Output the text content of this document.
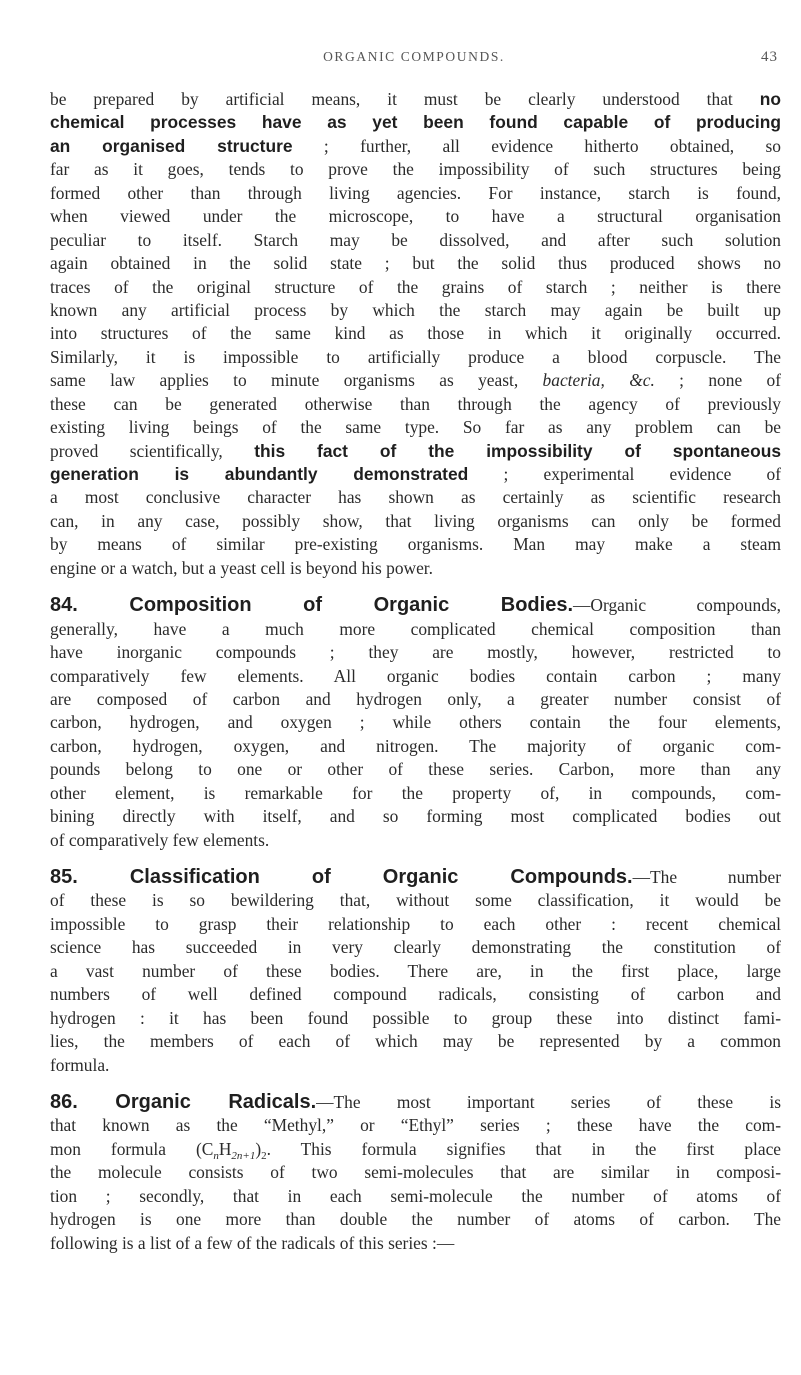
ORGANIC COMPOUNDS.	43
be prepared by artificial means, it must be clearly understood that no
chemical processes have as yet been found capable of producing
an organised structure ; further, all evidence hitherto obtained, so
far as it goes, tends to prove the impossibility of such structures being
formed other than through living agencies. For instance, starch is found,
when viewed under the microscope, to have a structural organisation
peculiar to itself. Starch may be dissolved, and after such solution
again obtained in the solid state ; but the solid thus produced shows no
traces of the original structure of the grains of starch ; neither is there
known any artificial process by which the starch may again be built up
into structures of the same kind as those in which it originally occurred.
Similarly, it is impossible to artificially produce a blood corpuscle. The
same law applies to minute organisms as yeast, bacteria, &c. ; none of
these can be generated otherwise than through the agency of previously
existing living beings of the same type. So far as any problem can be
proved scientifically, this fact of the impossibility of spontaneous
generation is abundantly demonstrated ; experimental evidence of
a most conclusive character has shown as certainly as scientific research
can, in any case, possibly show, that living organisms can only be formed
by means of similar pre-existing organisms. Man may make a steam
engine or a watch, but a yeast cell is beyond his power.
84. Composition of Organic Bodies.—Organic compounds,
generally, have a much more complicated chemical composition than
have inorganic compounds ; they are mostly, however, restricted to
comparatively few elements. All organic bodies contain carbon ; many
are composed of carbon and hydrogen only, a greater number consist of
carbon, hydrogen, and oxygen ; while others contain the four elements,
carbon, hydrogen, oxygen, and nitrogen. The majority of organic com-
pounds belong to one or other of these series. Carbon, more than any
other element, is remarkable for the property of, in compounds, com-
bining directly with itself, and so forming most complicated bodies out
of comparatively few elements.
85. Classification of Organic Compounds.—The number
of these is so bewildering that, without some classification, it would be
impossible to grasp their relationship to each other : recent chemical
science has succeeded in very clearly demonstrating the constitution of
a vast number of these bodies. There are, in the first place, large
numbers of well defined compound radicals, consisting of carbon and
hydrogen : it has been found possible to group these into distinct fami-
lies, the members of each of which may be represented by a common
formula.
86. Organic Radicals.—The most important series of these is
that known as the “Methyl,” or “Ethyl” series ; these have the com-
mon formula $(C_nH_{2n+1})_2$. This formula signifies that in the first place
the molecule consists of two semi-molecules that are similar in composi-
tion ; secondly, that in each semi-molecule the number of atoms of
hydrogen is one more than double the number of atoms of carbon. The
following is a list of a few of the radicals of this series :—
